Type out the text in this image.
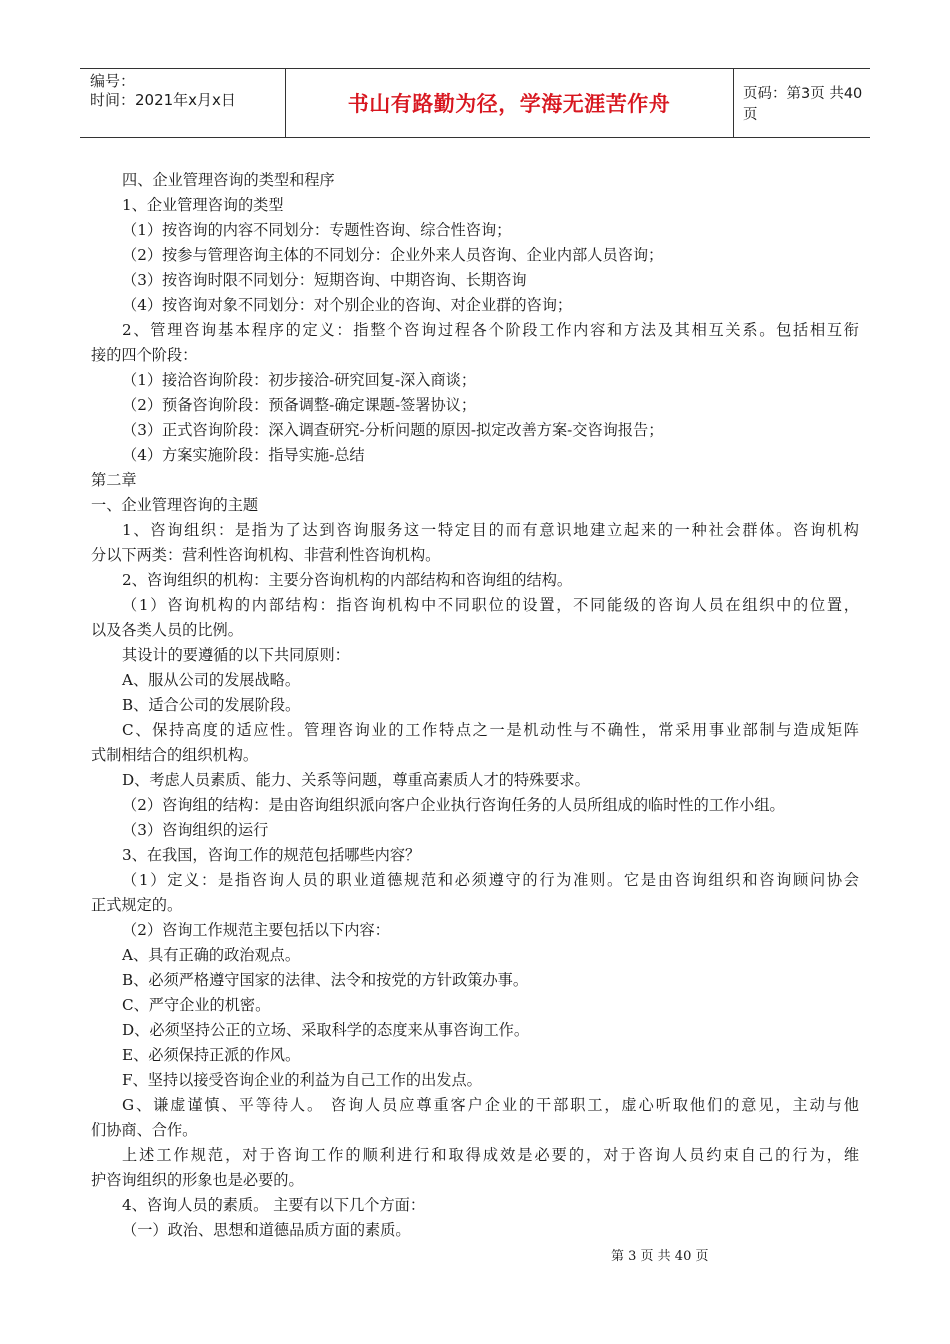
编号：
时间：2021年x月x日	书山有路勤为径，学海无涯苦作舟	页码：第3页 共40页
四、企业管理咨询的类型和程序
1、企业管理咨询的类型
（1）按咨询的内容不同划分：专题性咨询、综合性咨询；
（2）按参与管理咨询主体的不同划分：企业外来人员咨询、企业内部人员咨询；
（3）按咨询时限不同划分：短期咨询、中期咨询、长期咨询
（4）按咨询对象不同划分：对个别企业的咨询、对企业群的咨询；
2、管理咨询基本程序的定义：指整个咨询过程各个阶段工作内容和方法及其相互关系。包括相互衔
接的四个阶段：
（1）接洽咨询阶段：初步接洽-研究回复-深入商谈；
（2）预备咨询阶段：预备调整-确定课题-签署协议；
（3）正式咨询阶段：深入调查研究-分析问题的原因-拟定改善方案-交咨询报告；
（4）方案实施阶段：指导实施-总结
第二章
一、企业管理咨询的主题
1、咨询组织：是指为了达到咨询服务这一特定目的而有意识地建立起来的一种社会群体。咨询机构
分以下两类：营利性咨询机构、非营利性咨询机构。
2、咨询组织的机构：主要分咨询机构的内部结构和咨询组的结构。
（1）咨询机构的内部结构：指咨询机构中不同职位的设置，不同能级的咨询人员在组织中的位置，
以及各类人员的比例。
其设计的要遵循的以下共同原则：
A、服从公司的发展战略。
B、适合公司的发展阶段。
C、保持高度的适应性。管理咨询业的工作特点之一是机动性与不确性，常采用事业部制与造成矩阵
式制相结合的组织机构。
D、考虑人员素质、能力、关系等问题，尊重高素质人才的特殊要求。
（2）咨询组的结构：是由咨询组织派向客户企业执行咨询任务的人员所组成的临时性的工作小组。
（3）咨询组织的运行
3、在我国，咨询工作的规范包括哪些内容？
（1）定义：是指咨询人员的职业道德规范和必须遵守的行为准则。它是由咨询组织和咨询顾问协会
正式规定的。
（2）咨询工作规范主要包括以下内容：
A、具有正确的政治观点。
B、必须严格遵守国家的法律、法令和按党的方针政策办事。
C、严守企业的机密。
D、必须坚持公正的立场、采取科学的态度来从事咨询工作。
E、必须保持正派的作风。
F、坚持以接受咨询企业的利益为自己工作的出发点。
G、谦虚谨慎、平等待人。 咨询人员应尊重客户企业的干部职工，虚心听取他们的意见，主动与他
们协商、合作。
上述工作规范，对于咨询工作的顺利进行和取得成效是必要的，对于咨询人员约束自己的行为，维
护咨询组织的形象也是必要的。
4、咨询人员的素质。 主要有以下几个方面：
（一）政治、思想和道德品质方面的素质。
第 3 页 共 40 页
